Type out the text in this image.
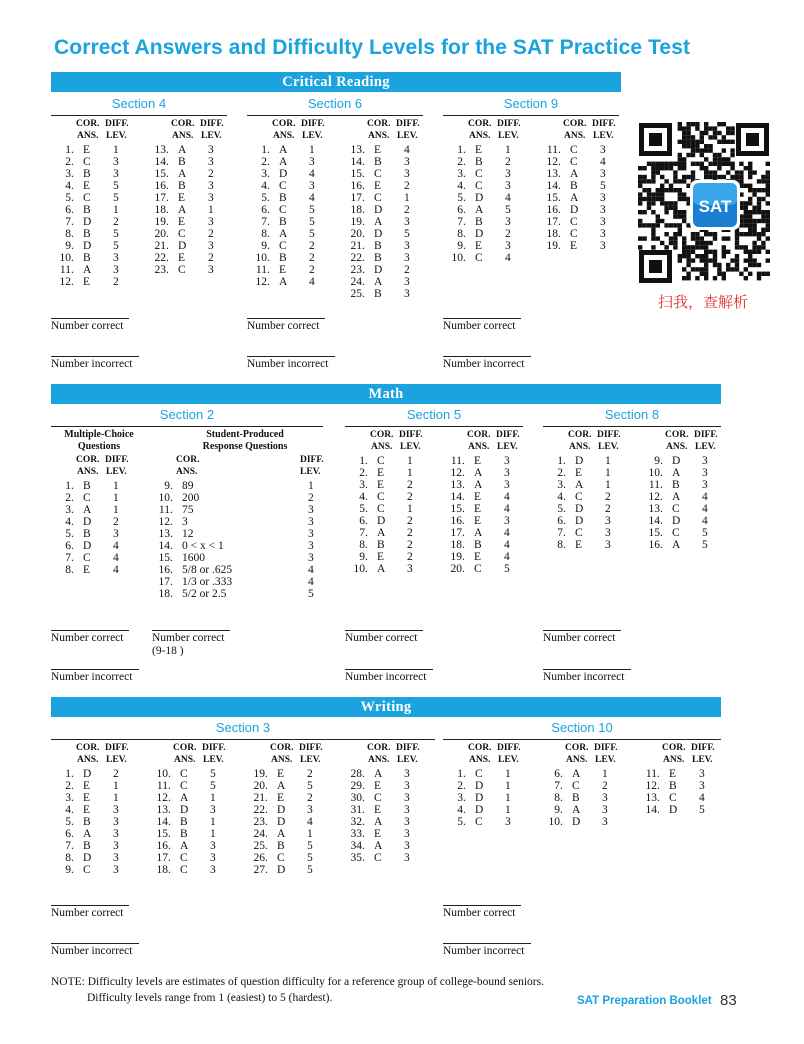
Correct Answers and Difficulty Levels for the SAT Practice Test
Critical Reading
Section 4
COR. DIFF.
ANS. LEV.
1 . E 1
2 . C 3
3 . B 3
4 . E 5
5 . C 5
6 . B 1
7 . D 2
8 . B 5
9 . D 5
10 . B 3
11 . A 3
12 . E 2
COR. DIFF.
ANS. LEV.
13 . A 3
14 . B 3
15 . A 2
16 . B 3
17 . E 3
18 . A 1
19 . E 3
20 . C 2
21 . D 3
22 . E 2
23 . C 3
Number correct
Number incorrect
Section 6
COR. DIFF.
ANS. LEV.
1 . A 1
2 . A 3
3 . D 4
4 . C 3
5 . B 4
6 . C 5
7 . B 5
8 . A 5
9 . C 2
10 . B 2
11 . E 2
12 . A 4
COR. DIFF.
ANS. LEV.
13 . E 4
14 . B 3
15 . C 3
16 . E 2
17 . C 1
18 . D 2
19 . A 3
20 . D 5
21 . B 3
22 . B 3
23 . D 2
24 . A 3
25 . B 3
Number correct
Number incorrect
Section 9
COR. DIFF.
ANS. LEV.
1 . E 1
2 . B 2
3 . C 3
4 . C 3
5 . D 4
6 . A 5
7 . B 3
8 . D 2
9 . E 3
10 . C 4
COR. DIFF.
ANS. LEV.
11 . C 3
12 . C 4
13 . A 3
14 . B 5
15 . A 3
16 . D 3
17 . C 3
18 . C 3
19 . E 3
Number correct
Number incorrect
Math
Section 2
Multiple-Choice
Questions
Student-Produced
Response Questions
COR. DIFF.
ANS. LEV.
1 . B 1
2 . C 1
3 . A 1
4 . D 2
5 . B 3
6 . D 4
7 . C 4
8 . E 4
COR.
ANS.
DIFF.
LEV.
9 . 89	1
10 . 200	2
11 . 75	3
12 . 3	3
13 . 12	3
14 . 0 < x < 1	3
15 . 1600	3
16 . 5/8 or .625	4
17 . 1/3 or .333	4
18 . 5/2 or 2.5	5
Number correct Number correct
(9-18 )
Number incorrect
Section 5
COR. DIFF.
ANS. LEV.
1 . C 1
2 . E 1
3 . E 2
4 . C 2
5 . C 1
6 . D 2
7 . A 2
8 . B 2
9 . E 2
10 . A 3
COR. DIFF.
ANS. LEV.
11 . E 3
12 . A 3
13 . A 3
14 . E 4
15 . E 4
16 . E 3
17 . A 4
18 . B 4
19 . E 4
20 . C 5
Number correct
Number incorrect
Section 8
COR. DIFF.
ANS. LEV.
1 . D 1
2 . E 1
3 . A 1
4 . C 2
5 . D 2
6 . D 3
7 . C 3
8 . E 3
COR. DIFF.
ANS. LEV.
9 . D 3
10 . A 3
11 . B 3
12 . A 4
13 . C 4
14 . D 4
15 . C 5
16 . A 5
Number correct
Number incorrect
Writing
Section 3
COR. DIFF.
ANS. LEV.
1 . D 2
2 . E 1
3 . E 1
4 . E 3
5 . B 3
6 . A 3
7 . B 3
8 . D 3
9 . C 3
COR. DIFF.
ANS. LEV.
10 . C 5
11 . C 5
12 . A 1
13 . D 3
14 . B 1
15 . B 1
16 . A 3
17 . C 3
18 . C 3
COR. DIFF.
ANS. LEV.
19 . E 2
20 . A 5
21 . E 2
22 . D 3
23 . D 4
24 . A 1
25 . B 5
26 . C 5
27 . D 5
COR. DIFF.
ANS. LEV.
28 . A 3
29 . E 3
30 . C 3
31 . E 3
32 . A 3
33 . E 3
34 . A 3
35 . C 3
Number correct
Number incorrect
Section 10
COR. DIFF.
ANS. LEV.
1 . C 1
2 . D 1
3 . D 1
4 . D 1
5 . C 3
COR. DIFF.
ANS. LEV.
6 . A 1
7 . C 2
8 . B 3
9 . A 3
10 . D 3
COR. DIFF.
ANS. LEV.
11 . E 3
12 . B 3
13 . C 4
14 . D 5
Number correct
Number incorrect
SAT
扫我，查解析
NOTE: Difficulty levels are estimates of question difficulty for a reference group of college-bound seniors.
Difficulty levels range from 1 (easiest) to 5 (hardest).	SAT Preparation Booklet 83
